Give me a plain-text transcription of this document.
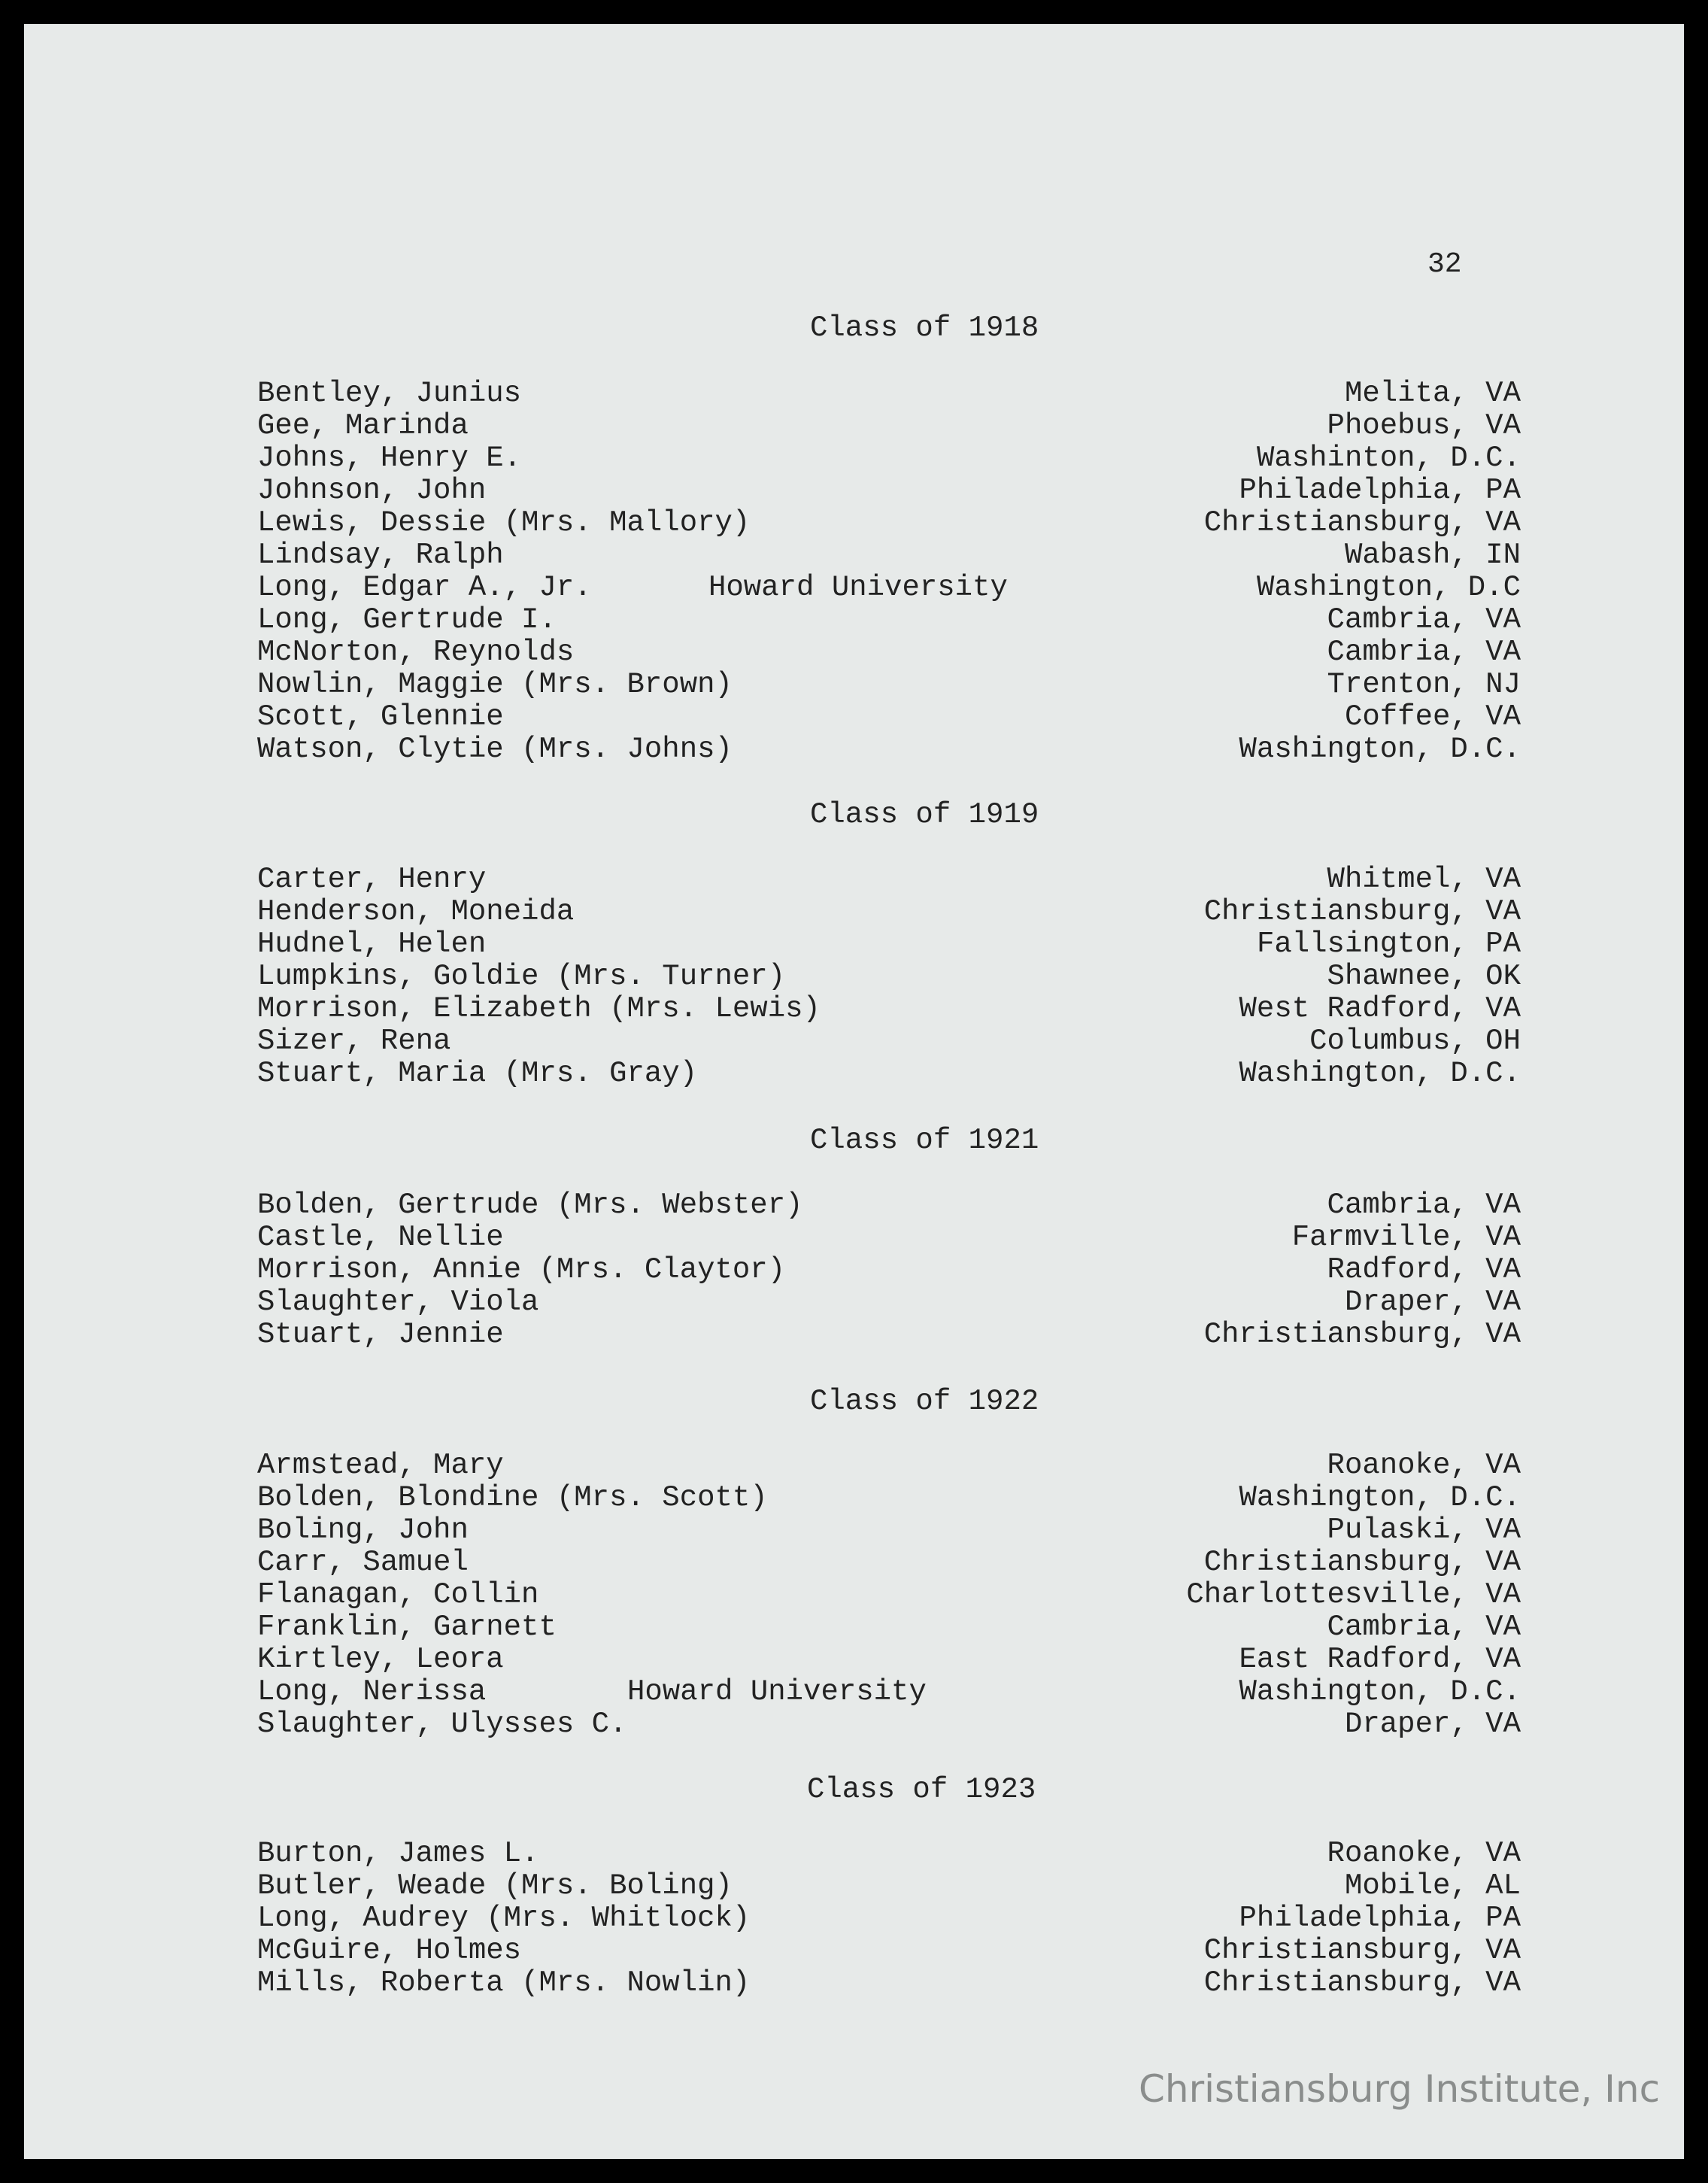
32
Class of 1918
Bentley, Junius	Melita, VA
Gee, Marinda	Phoebus, VA
Johns, Henry E.	Washinton, D.C.
Johnson, John	Philadelphia, PA
Lewis, Dessie (Mrs. Mallory)	Christiansburg, VA
Lindsay, Ralph	Wabash, IN
Long, Edgar A., Jr.	Howard University	Washington, D.C
Long, Gertrude I.	Cambria, VA
McNorton, Reynolds	Cambria, VA
Nowlin, Maggie (Mrs. Brown)	Trenton, NJ
Scott, Glennie	Coffee, VA
Watson, Clytie (Mrs. Johns)	Washington, D.C.
Class of 1919
Carter, Henry	Whitmel, VA
Henderson, Moneida	Christiansburg, VA
Hudnel, Helen	Fallsington, PA
Lumpkins, Goldie (Mrs. Turner)	Shawnee, OK
Morrison, Elizabeth (Mrs. Lewis)	West Radford, VA
Sizer, Rena	Columbus, OH
Stuart, Maria (Mrs. Gray)	Washington, D.C.
Class of 1921
Bolden, Gertrude (Mrs. Webster)	Cambria, VA
Castle, Nellie	Farmville, VA
Morrison, Annie (Mrs. Claytor)	Radford, VA
Slaughter, Viola	Draper, VA
Stuart, Jennie	Christiansburg, VA
Class of 1922
Armstead, Mary	Roanoke, VA
Bolden, Blondine (Mrs. Scott)	Washington, D.C.
Boling, John	Pulaski, VA
Carr, Samuel	Christiansburg, VA
Flanagan, Collin	Charlottesville, VA
Franklin, Garnett	Cambria, VA
Kirtley, Leora	East Radford, VA
Long, Nerissa	Howard University	Washington, D.C.
Slaughter, Ulysses C.	Draper, VA
Class of 1923
Burton, James L.	Roanoke, VA
Butler, Weade (Mrs. Boling)	Mobile, AL
Long, Audrey (Mrs. Whitlock)	Philadelphia, PA
McGuire, Holmes	Christiansburg, VA
Mills, Roberta (Mrs. Nowlin)	Christiansburg, VA
Christiansburg Institute, Inc
